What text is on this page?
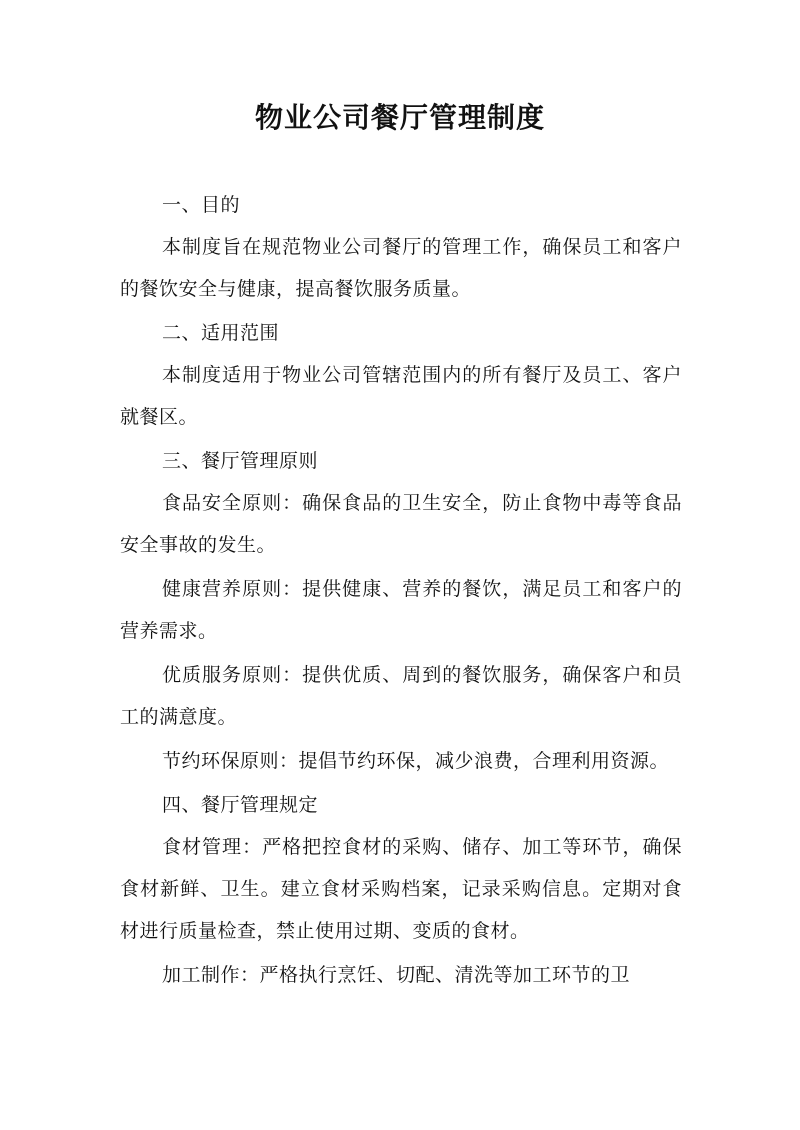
物业公司餐厅管理制度

一、目的

本制度旨在规范物业公司餐厅的管理工作，确保员工和客户的餐饮安全与健康，提高餐饮服务质量。

二、适用范围

本制度适用于物业公司管辖范围内的所有餐厅及员工、客户就餐区。

三、餐厅管理原则

食品安全原则：确保食品的卫生安全，防止食物中毒等食品安全事故的发生。

健康营养原则：提供健康、营养的餐饮，满足员工和客户的营养需求。

优质服务原则：提供优质、周到的餐饮服务，确保客户和员工的满意度。

节约环保原则：提倡节约环保，减少浪费，合理利用资源。

四、餐厅管理规定

食材管理：严格把控食材的采购、储存、加工等环节，确保食材新鲜、卫生。建立食材采购档案，记录采购信息。定期对食材进行质量检查，禁止使用过期、变质的食材。

加工制作：严格执行烹饪、切配、清洗等加工环节的卫
